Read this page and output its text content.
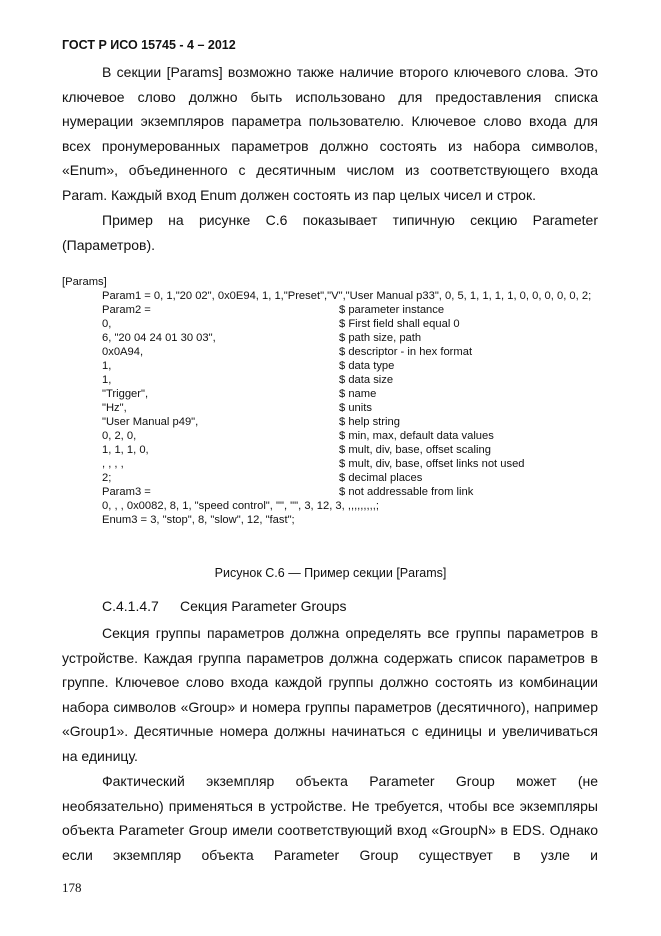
ГОСТ Р ИСО 15745 - 4 – 2012

В секции [Params] возможно также наличие второго ключевого слова. Это ключевое слово должно быть использовано для предоставления списка нумерации экземпляров параметра пользователю. Ключевое слово входа для всех пронумерованных параметров должно состоять из набора символов, «Enum», объединенного с десятичным числом из соответствующего входа Param. Каждый вход Enum должен состоять из пар целых чисел и строк.

Пример на рисунке С.6 показывает типичную секцию Parameter (Параметров).

[Params]
Param1 = 0, 1,"20 02", 0x0E94, 1, 1,"Preset","V","User Manual p33", 0, 5, 1, 1, 1, 1, 0, 0, 0, 0, 0, 2;
Param2 =	$ parameter instance
0,	$ First field shall equal 0
6, "20 04 24 01 30 03",	$ path size, path
0x0A94,	$ descriptor - in hex format
1,	$ data type
1,	$ data size
"Trigger",	$ name
"Hz",	$ units
"User Manual p49",	$ help string
0, 2, 0,	$ min, max, default data values
1, 1, 1, 0,	$ mult, div, base, offset scaling
, , , ,	$ mult, div, base, offset links not used
2;	$ decimal places
Param3 =	$ not addressable from link
0, , , 0x0082, 8, 1, "speed control", "", "", 3, 12, 3, ,,,,,,,,,;
Enum3 = 3, "stop", 8, "slow", 12, "fast";
Рисунок С.6 — Пример секции [Params]
С.4.1.4.7 Секция Parameter Groups

Секция группы параметров должна определять все группы параметров в устройстве. Каждая группа параметров должна содержать список параметров в группе. Ключевое слово входа каждой группы должно состоять из комбинации набора символов «Group» и номера группы параметров (десятичного), например «Group1». Десятичные номера должны начинаться с единицы и увеличиваться на единицу.

Фактический экземпляр объекта Parameter Group может (не необязательно) применяться в устройстве. Не требуется, чтобы все экземпляры объекта Parameter Group имели соответствующий вход «GroupN» в EDS. Однако если экземпляр объекта Parameter Group существует в узле и

178
